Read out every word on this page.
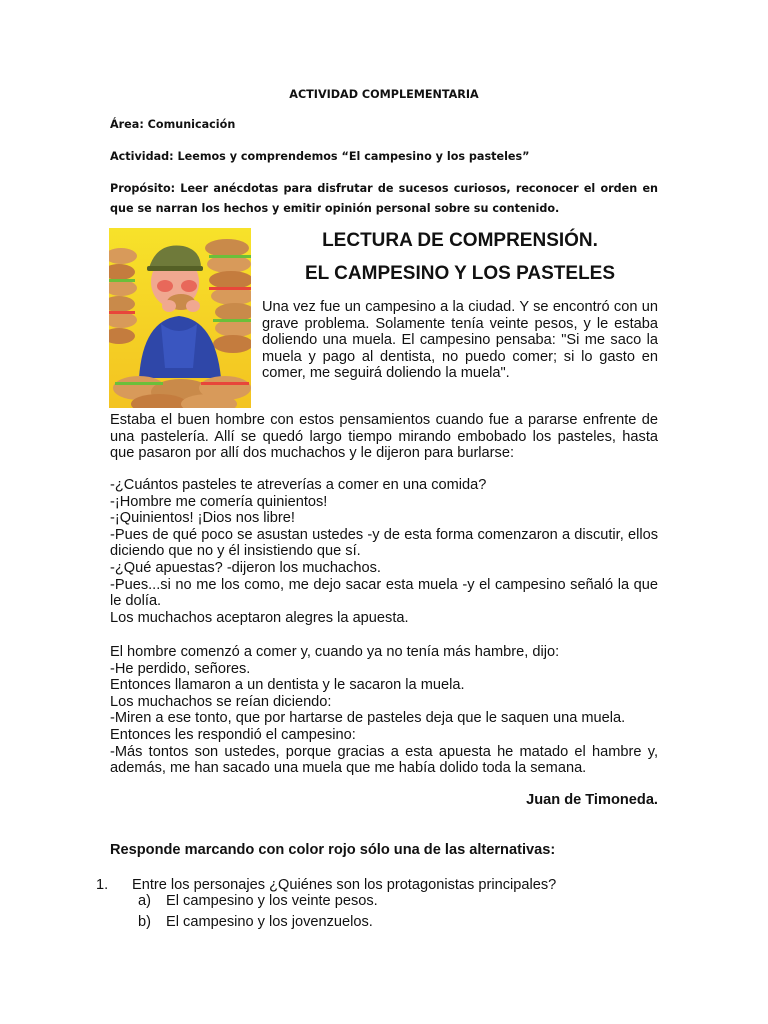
ACTIVIDAD COMPLEMENTARIA
Área: Comunicación
Actividad: Leemos y comprendemos “El campesino y los pasteles”
Propósito: Leer anécdotas para disfrutar de sucesos curiosos, reconocer el orden en que se narran los hechos y emitir opinión personal sobre su contenido.
LECTURA DE COMPRENSIÓN.
EL CAMPESINO Y LOS PASTELES
Una vez fue un campesino a la ciudad. Y se encontró con un grave problema. Solamente tenía veinte pesos, y le estaba doliendo una muela. El campesino pensaba: "Si me saco la muela y pago al dentista, no puedo comer; si lo gasto en comer, me seguirá doliendo la muela".
Estaba el buen hombre con estos pensamientos cuando fue a pararse enfrente de una pastelería. Allí se quedó largo tiempo mirando embobado los pasteles, hasta que pasaron por allí dos muchachos y le dijeron para burlarse:

-¿Cuántos pasteles te atreverías a comer en una comida?

-¡Hombre me comería quinientos!

-¡Quinientos! ¡Dios nos libre!

-Pues de qué poco se asustan ustedes -y de esta forma comenzaron a discutir, ellos diciendo que no y él insistiendo que sí.

-¿Qué apuestas? -dijeron los muchachos.

-Pues...si no me los como, me dejo sacar esta muela -y el campesino señaló la que le dolía.

Los muchachos aceptaron alegres la apuesta.

El hombre comenzó a comer y, cuando ya no tenía más hambre, dijo:

-He perdido, señores.

Entonces llamaron a un dentista y le sacaron la muela.

Los muchachos se reían diciendo:

-Miren a ese tonto, que por hartarse de pasteles deja que le saquen una muela.

Entonces les respondió el campesino:

-Más tontos son ustedes, porque gracias a esta apuesta he matado el hambre y, además, me han sacado una muela que me había dolido toda la semana.

Juan de Timoneda.
Responde marcando con color rojo sólo una de las alternativas:
1. Entre los personajes ¿Quiénes son los protagonistas principales?
a) El campesino y los veinte pesos.
b) El campesino y los jovenzuelos.
